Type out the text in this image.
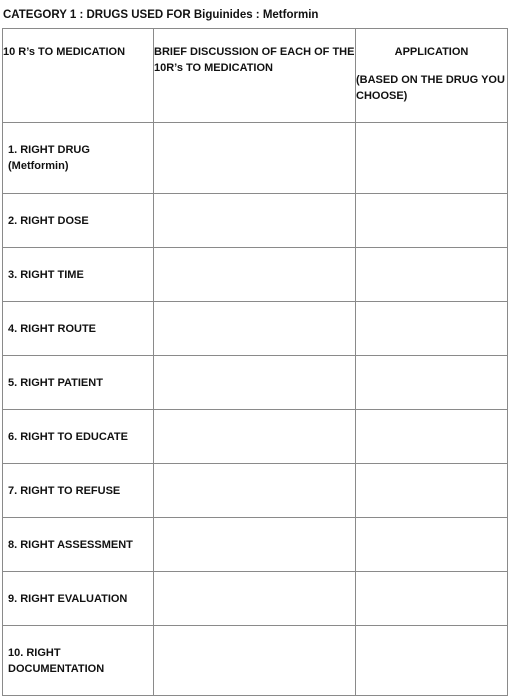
CATEGORY 1 : DRUGS USED FOR Biguinides : Metformin
10 R’s TO MEDICATION	BRIEF DISCUSSION OF EACH OF THE 10R’s TO MEDICATION	APPLICATION
(BASED ON THE DRUG YOU CHOOSE)

1. RIGHT DRUG
(Metformin)		

2. RIGHT DOSE		

3. RIGHT TIME		

4. RIGHT ROUTE		

5. RIGHT PATIENT		

6. RIGHT TO EDUCATE		

7. RIGHT TO REFUSE		

8. RIGHT ASSESSMENT		

9. RIGHT EVALUATION		

10. RIGHT
DOCUMENTATION		
